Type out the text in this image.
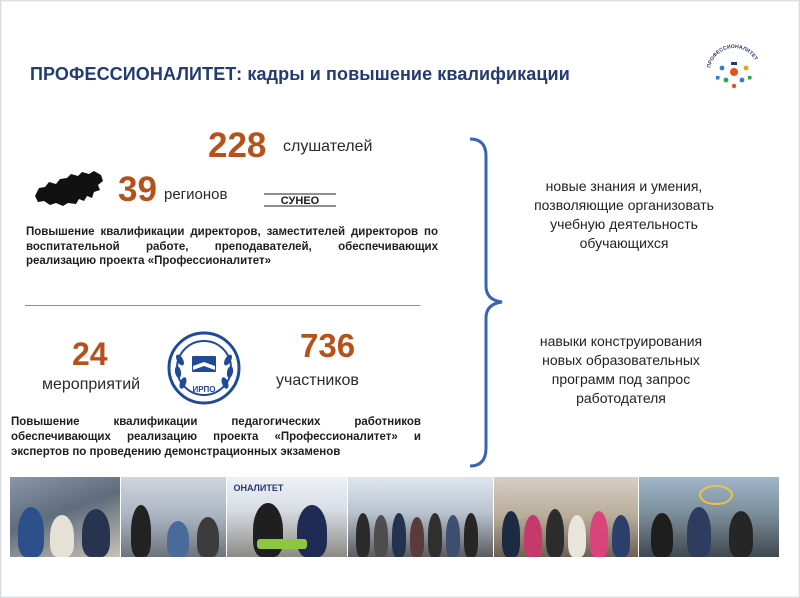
ПРОФЕССИОНАЛИТЕТ: кадры и повышение квалификации	ПРОФЕССИОНАЛИТЕТ
228 слушателей
39 регионов	СУНЕО
Повышение квалификации директоров, заместителей директоров по воспитательной работе, преподавателей, обеспечивающих реализацию проекта «Профессионалитет»
24
мероприятий	ИРПО
736
участников
Повышение квалификации педагогических работников обеспечивающих реализацию проекта «Профессионалитет» и экспертов по проведению демонстрационных экзаменов
новые знания и умения, позволяющие организовать учебную деятельность обучающихся
навыки конструирования новых образовательных программ под запрос работодателя
ОНАЛИТЕТ
